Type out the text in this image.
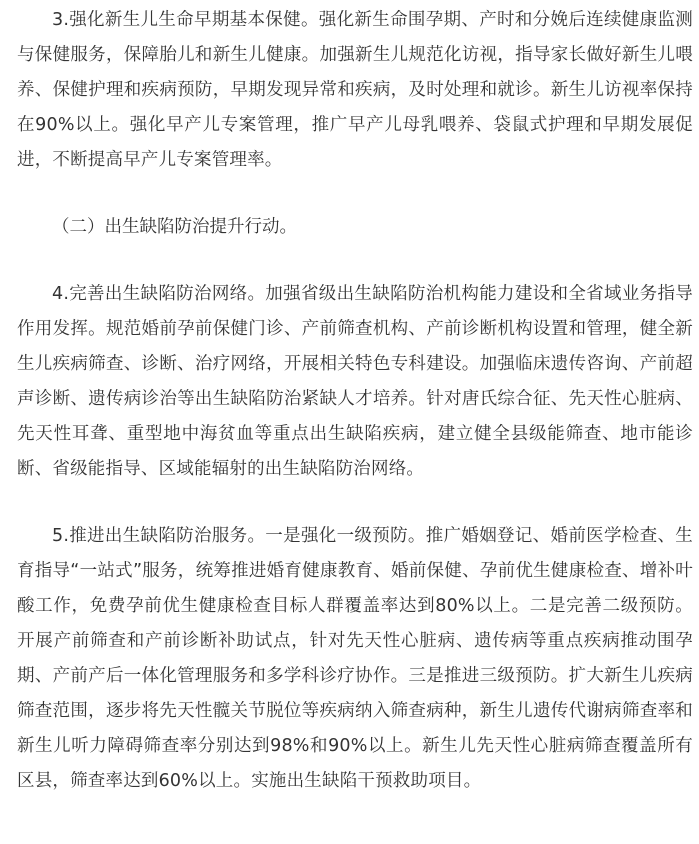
3.强化新生儿生命早期基本保健。强化新生命围孕期、产时和分娩后连续健康监测与保健服务，保障胎儿和新生儿健康。加强新生儿规范化访视，指导家长做好新生儿喂养、保健护理和疾病预防，早期发现异常和疾病，及时处理和就诊。新生儿访视率保持在90%以上。强化早产儿专案管理，推广早产儿母乳喂养、袋鼠式护理和早期发展促进，不断提高早产儿专案管理率。

（二）出生缺陷防治提升行动。

4.完善出生缺陷防治网络。加强省级出生缺陷防治机构能力建设和全省域业务指导作用发挥。规范婚前孕前保健门诊、产前筛查机构、产前诊断机构设置和管理，健全新生儿疾病筛查、诊断、治疗网络，开展相关特色专科建设。加强临床遗传咨询、产前超声诊断、遗传病诊治等出生缺陷防治紧缺人才培养。针对唐氏综合征、先天性心脏病、先天性耳聋、重型地中海贫血等重点出生缺陷疾病，建立健全县级能筛查、地市能诊断、省级能指导、区域能辐射的出生缺陷防治网络。

5.推进出生缺陷防治服务。一是强化一级预防。推广婚姻登记、婚前医学检查、生育指导“一站式”服务，统筹推进婚育健康教育、婚前保健、孕前优生健康检查、增补叶酸工作，免费孕前优生健康检查目标人群覆盖率达到80%以上。二是完善二级预防。开展产前筛查和产前诊断补助试点，针对先天性心脏病、遗传病等重点疾病推动围孕期、产前产后一体化管理服务和多学科诊疗协作。三是推进三级预防。扩大新生儿疾病筛查范围，逐步将先天性髋关节脱位等疾病纳入筛查病种，新生儿遗传代谢病筛查率和新生儿听力障碍筛查率分别达到98%和90%以上。新生儿先天性心脏病筛查覆盖所有区县，筛查率达到60%以上。实施出生缺陷干预救助项目。
